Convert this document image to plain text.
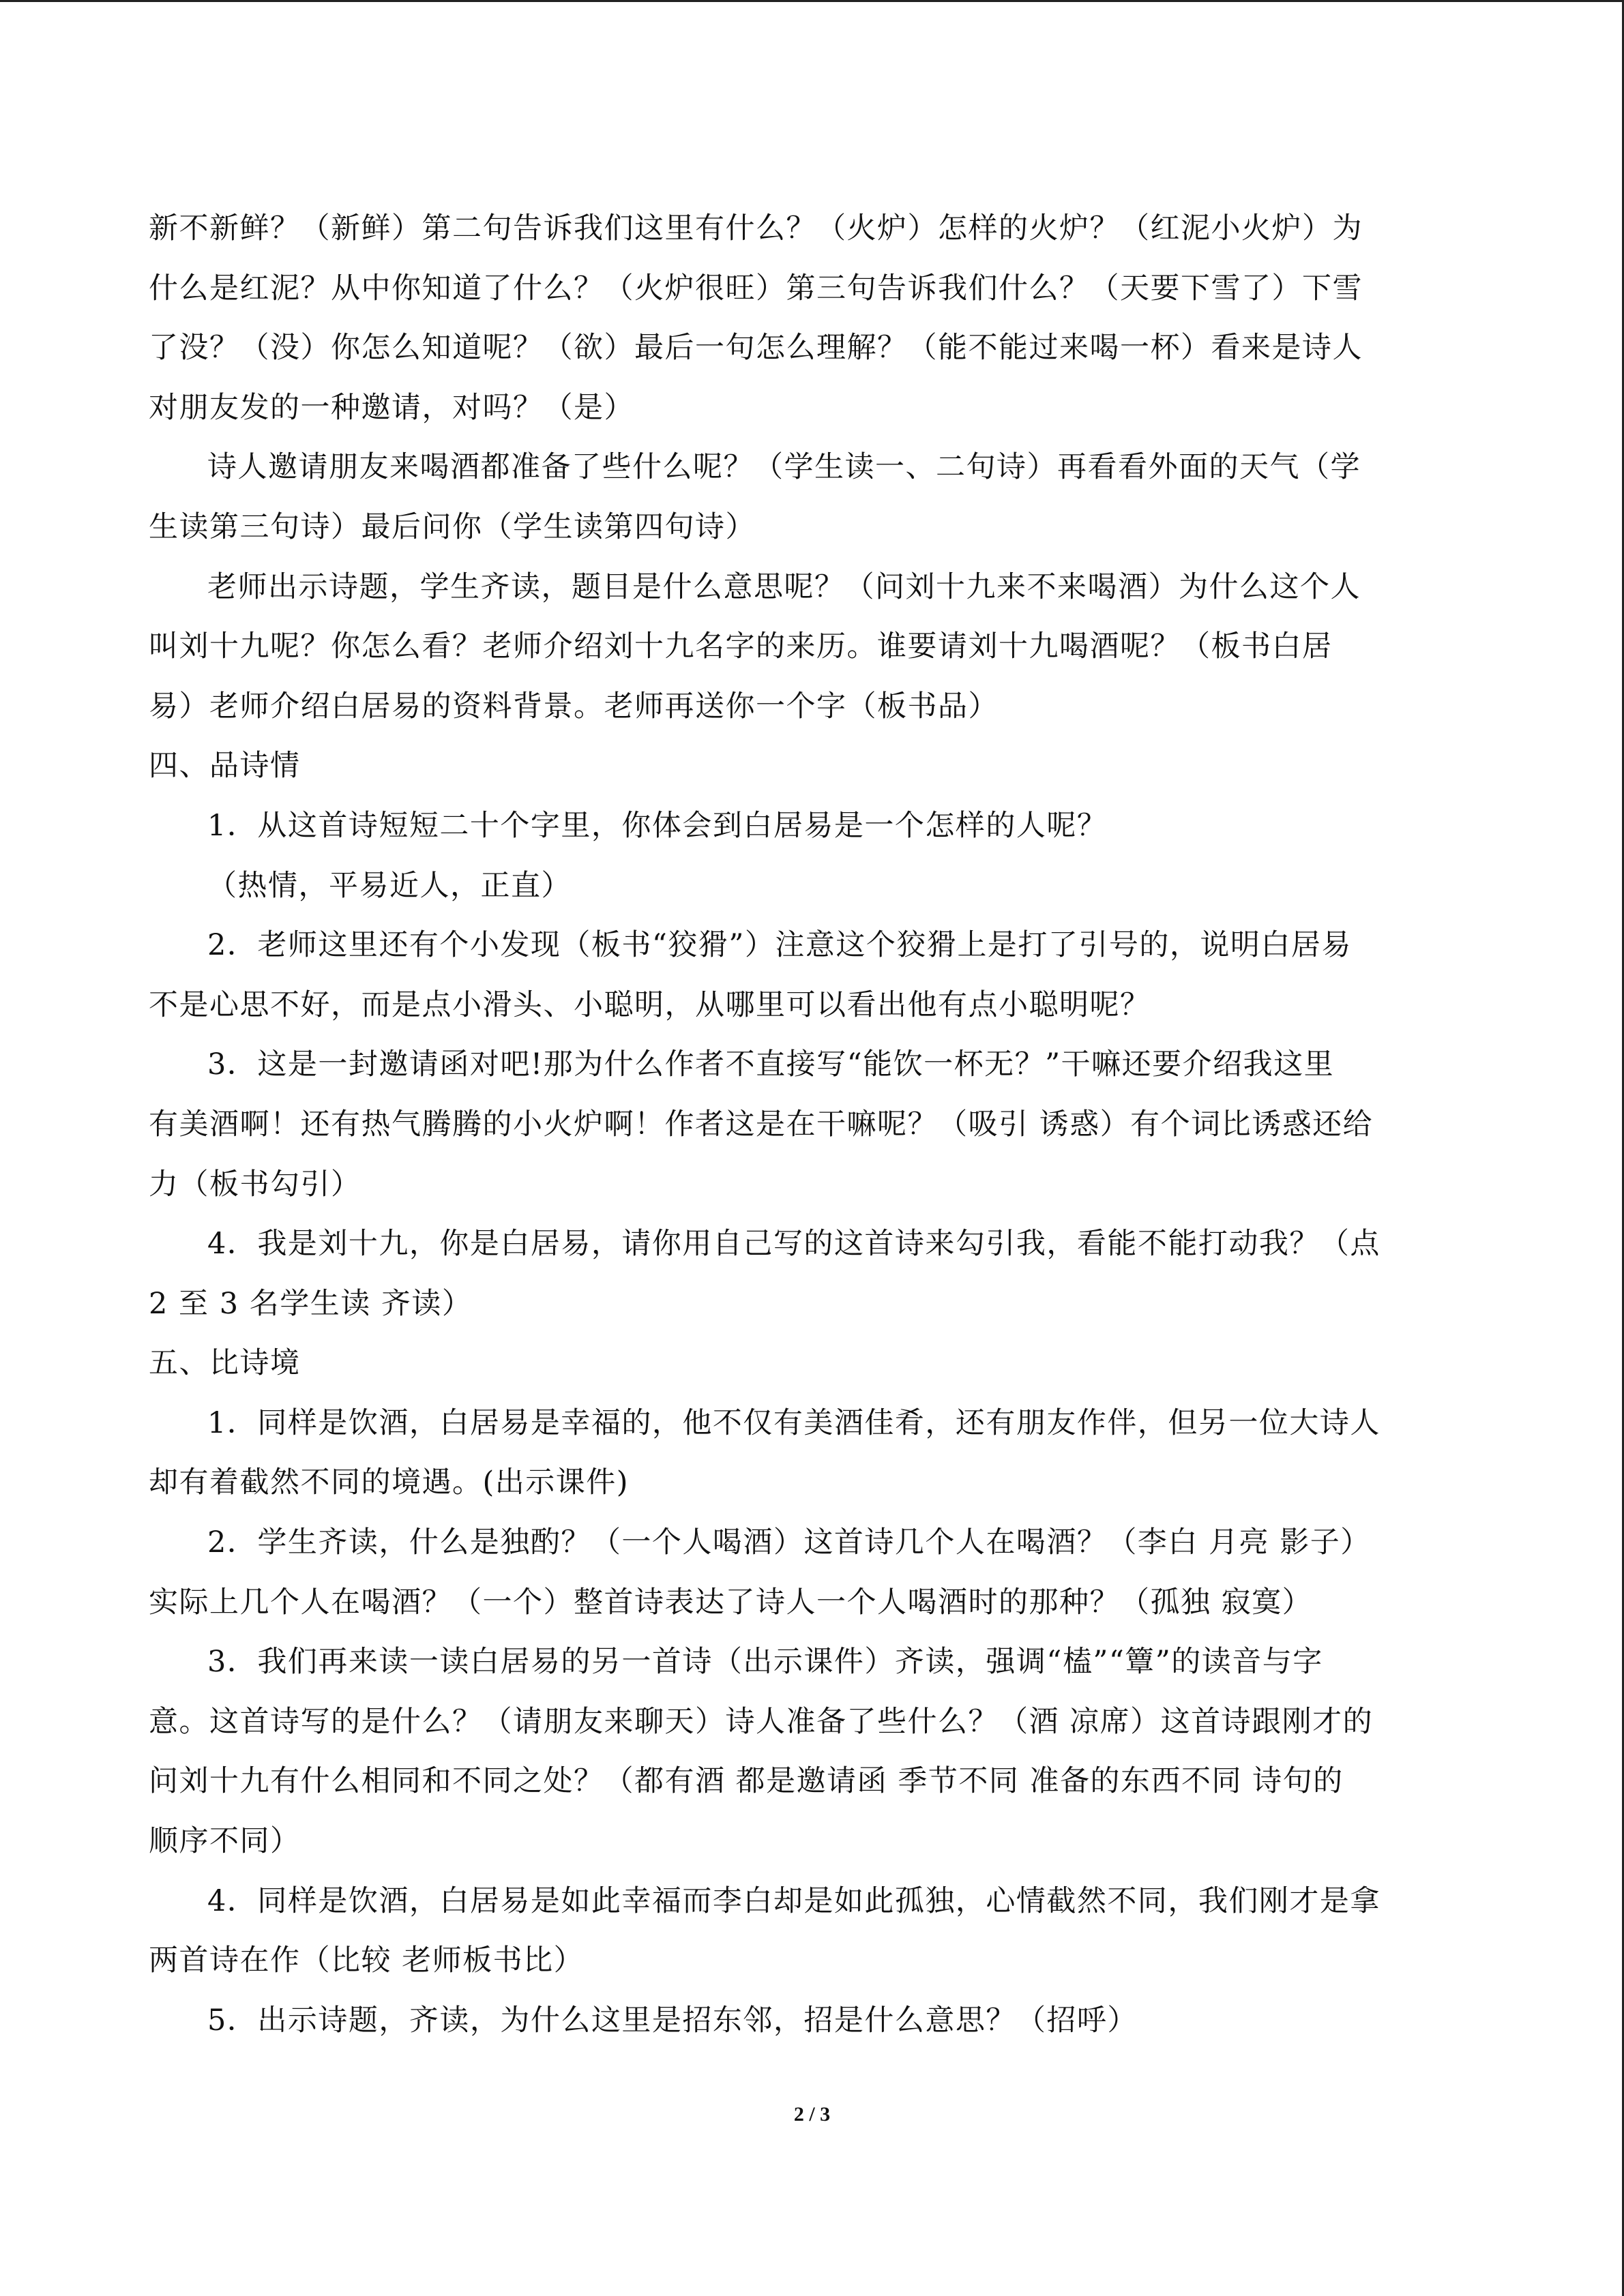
新不新鲜？（新鲜）第二句告诉我们这里有什么？（火炉）怎样的火炉？（红泥小火炉）为
什么是红泥？从中你知道了什么？（火炉很旺）第三句告诉我们什么？（天要下雪了）下雪
了没？（没）你怎么知道呢？（欲）最后一句怎么理解？（能不能过来喝一杯）看来是诗人
对朋友发的一种邀请，对吗？（是）
诗人邀请朋友来喝酒都准备了些什么呢？（学生读一、二句诗）再看看外面的天气（学
生读第三句诗）最后问你（学生读第四句诗）
老师出示诗题，学生齐读，题目是什么意思呢？（问刘十九来不来喝酒）为什么这个人
叫刘十九呢？你怎么看？老师介绍刘十九名字的来历。谁要请刘十九喝酒呢？（板书白居
易）老师介绍白居易的资料背景。老师再送你一个字（板书品）
四、品诗情
1．从这首诗短短二十个字里，你体会到白居易是一个怎样的人呢？
（热情，平易近人，正直）
2．老师这里还有个小发现（板书“狡猾”）注意这个狡猾上是打了引号的，说明白居易
不是心思不好，而是点小滑头、小聪明，从哪里可以看出他有点小聪明呢？
3．这是一封邀请函对吧!那为什么作者不直接写“能饮一杯无？”干嘛还要介绍我这里
有美酒啊！还有热气腾腾的小火炉啊！作者这是在干嘛呢？（吸引 诱惑）有个词比诱惑还给
力（板书勾引）
4．我是刘十九，你是白居易，请你用自己写的这首诗来勾引我，看能不能打动我？（点
2 至 3 名学生读 齐读）
五、比诗境
1．同样是饮酒，白居易是幸福的，他不仅有美酒佳肴，还有朋友作伴，但另一位大诗人
却有着截然不同的境遇。(出示课件)
2．学生齐读，什么是独酌？（一个人喝酒）这首诗几个人在喝酒？（李白 月亮 影子）
实际上几个人在喝酒？（一个）整首诗表达了诗人一个人喝酒时的那种？（孤独 寂寞）
3．我们再来读一读白居易的另一首诗（出示课件）齐读，强调“榼”“簟”的读音与字
意。这首诗写的是什么？（请朋友来聊天）诗人准备了些什么？（酒 凉席）这首诗跟刚才的
问刘十九有什么相同和不同之处？（都有酒 都是邀请函 季节不同 准备的东西不同 诗句的
顺序不同）
4．同样是饮酒，白居易是如此幸福而李白却是如此孤独，心情截然不同，我们刚才是拿
两首诗在作（比较 老师板书比）
5．出示诗题，齐读，为什么这里是招东邻，招是什么意思？（招呼）
2 / 3
